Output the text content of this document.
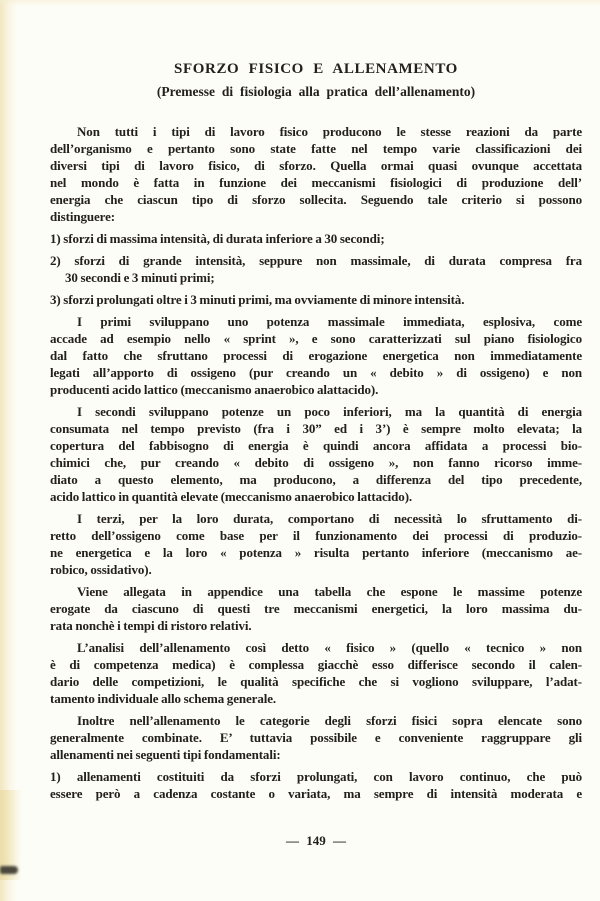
SFORZO FISICO E ALLENAMENTO
(Premesse di fisiologia alla pratica dell’allenamento)

Non tutti i tipi di lavoro fisico producono le stesse reazioni da parte
dell’organismo e pertanto sono state fatte nel tempo varie classificazioni dei
diversi tipi di lavoro fisico, di sforzo. Quella ormai quasi ovunque accettata
nel mondo è fatta in funzione dei meccanismi fisiologici di produzione dell’
energia che ciascun tipo di sforzo sollecita. Seguendo tale criterio si possono
distinguere:

1) sforzi di massima intensità, di durata inferiore a 30 secondi;

2) sforzi di grande intensità, seppure non massimale, di durata compresa fra
30 secondi e 3 minuti primi;

3) sforzi prolungati oltre i 3 minuti primi, ma ovviamente di minore intensità.

I primi sviluppano uno potenza massimale immediata, esplosiva, come
accade ad esempio nello « sprint », e sono caratterizzati sul piano fisiologico
dal fatto che sfruttano processi di erogazione energetica non immediatamente
legati all’apporto di ossigeno (pur creando un « debito » di ossigeno) e non
producenti acido lattico (meccanismo anaerobico alattacido).

I secondi sviluppano potenze un poco inferiori, ma la quantità di energia
consumata nel tempo previsto (fra i 30” ed i 3’) è sempre molto elevata; la
copertura del fabbisogno di energia è quindi ancora affidata a processi bio-
chimici che, pur creando « debito di ossigeno », non fanno ricorso imme-
diato a questo elemento, ma producono, a differenza del tipo precedente,
acido lattico in quantità elevate (meccanismo anaerobico lattacido).

I terzi, per la loro durata, comportano di necessità lo sfruttamento di-
retto dell’ossigeno come base per il funzionamento dei processi di produzio-
ne energetica e la loro « potenza » risulta pertanto inferiore (meccanismo ae-
robico, ossidativo).

Viene allegata in appendice una tabella che espone le massime potenze
erogate da ciascuno di questi tre meccanismi energetici, la loro massima du-
rata nonchè i tempi di ristoro relativi.

L’analisi dell’allenamento così detto « fisico » (quello « tecnico » non
è di competenza medica) è complessa giacchè esso differisce secondo il calen-
dario delle competizioni, le qualità specifiche che si vogliono sviluppare, l’adat-
tamento individuale allo schema generale.

Inoltre nell’allenamento le categorie degli sforzi fisici sopra elencate sono
generalmente combinate. E’ tuttavia possibile e conveniente raggruppare gli
allenamenti nei seguenti tipi fondamentali:

1) allenamenti costituiti da sforzi prolungati, con lavoro continuo, che può
essere però a cadenza costante o variata, ma sempre di intensità moderata e

— 149 —
